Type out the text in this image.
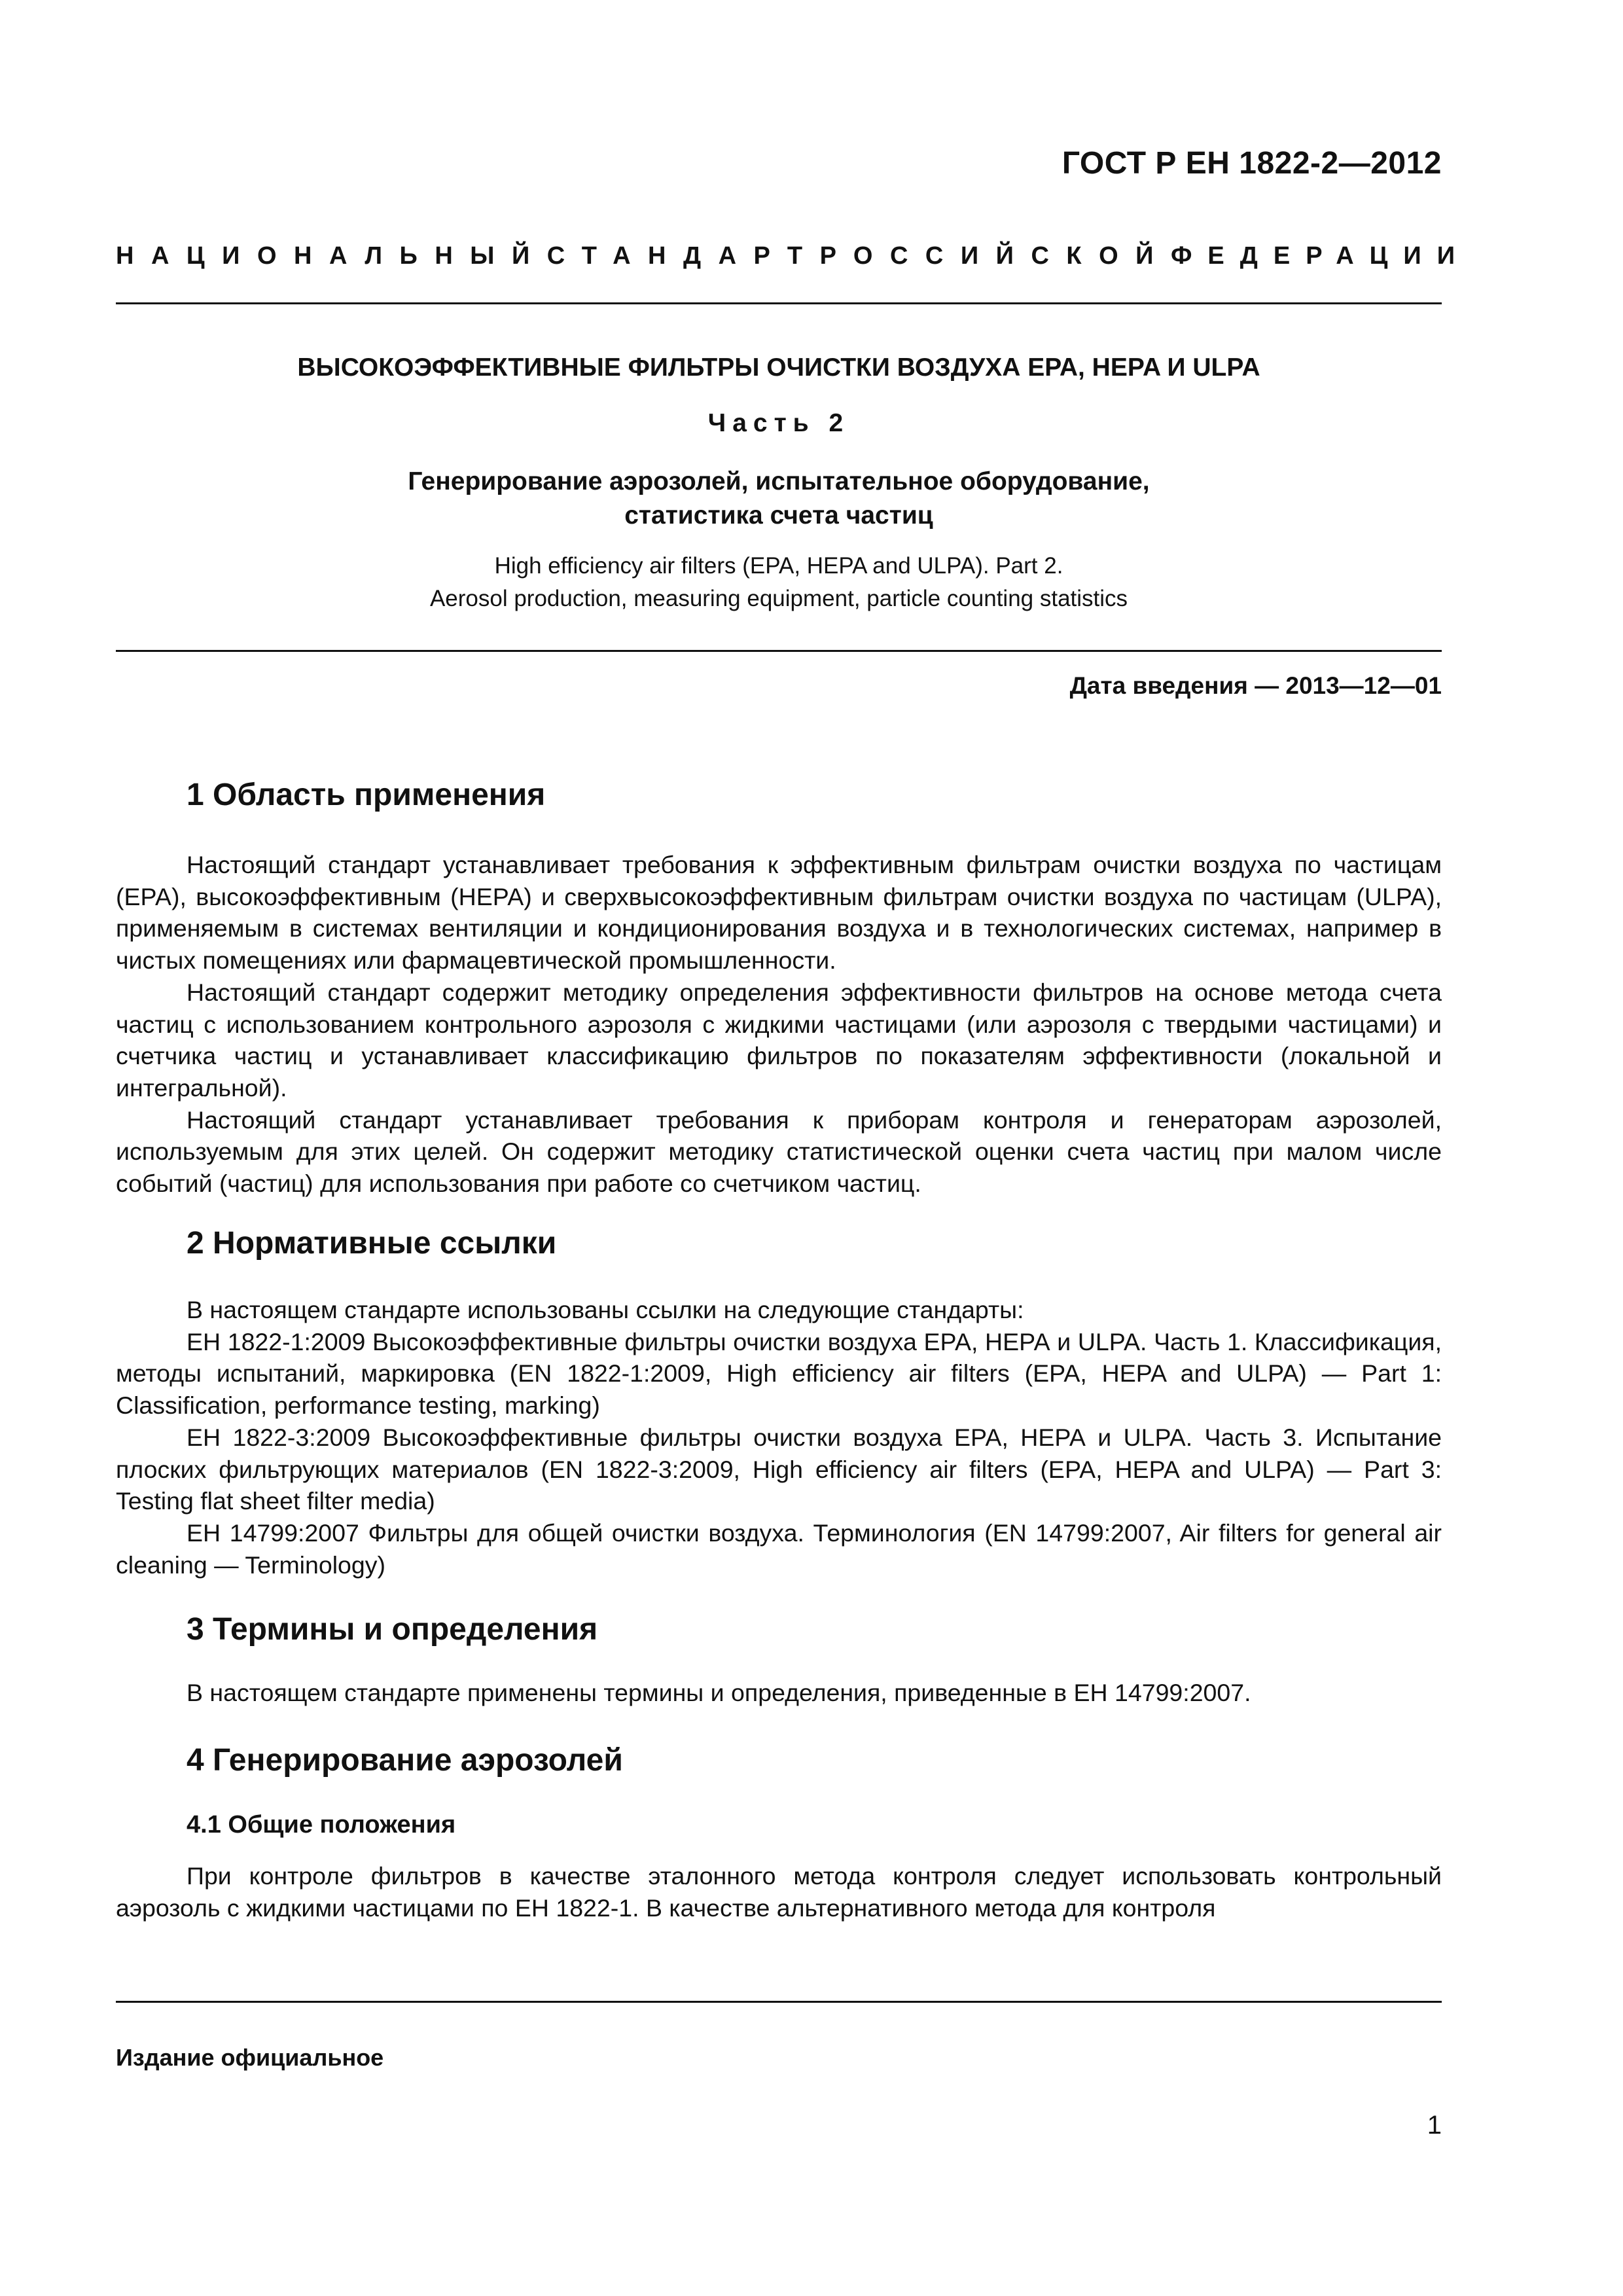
ГОСТ Р ЕН 1822-2—2012
НАЦИОНАЛЬНЫЙ СТАНДАРТ РОССИЙСКОЙ ФЕДЕРАЦИИ
ВЫСОКОЭФФЕКТИВНЫЕ ФИЛЬТРЫ ОЧИСТКИ ВОЗДУХА ЕРА, HEPA И ULPA
Часть 2
Генерирование аэрозолей, испытательное оборудование,
статистика счета частиц
High efficiency air filters (EPA, HEPA and ULPA). Part 2.
Aerosol production, measuring equipment, particle counting statistics
Дата введения — 2013—12—01
1 Область применения

Настоящий стандарт устанавливает требования к эффективным фильтрам очистки воздуха по частицам (ЕРА), высокоэффективным (НЕРА) и сверхвысокоэффективным фильтрам очистки воздуха по частицам (ULPA), применяемым в системах вентиляции и кондиционирования воздуха и в технологических системах, например в чистых помещениях или фармацевтической промышленности.

Настоящий стандарт содержит методику определения эффективности фильтров на основе метода счета частиц с использованием контрольного аэрозоля с жидкими частицами (или аэрозоля с твердыми частицами) и счетчика частиц и устанавливает классификацию фильтров по показателям эффективности (локальной и интегральной).

Настоящий стандарт устанавливает требования к приборам контроля и генераторам аэрозолей, используемым для этих целей. Он содержит методику статистической оценки счета частиц при малом числе событий (частиц) для использования при работе со счетчиком частиц.

2 Нормативные ссылки

В настоящем стандарте использованы ссылки на следующие стандарты:

ЕН 1822-1:2009 Высокоэффективные фильтры очистки воздуха ЕРА, НЕРА и ULPA. Часть 1. Классификация, методы испытаний, маркировка (EN 1822-1:2009, High efficiency air filters (EPA, HEPA and ULPA) — Part 1: Classification, performance testing, marking)

ЕН 1822-3:2009 Высокоэффективные фильтры очистки воздуха ЕРА, НЕРА и ULPA. Часть 3. Испытание плоских фильтрующих материалов (EN 1822-3:2009, High efficiency air filters (EPA, HEPA and ULPA) — Part 3: Testing flat sheet filter media)

ЕН 14799:2007 Фильтры для общей очистки воздуха. Терминология (EN 14799:2007, Air filters for general air cleaning — Terminology)

3 Термины и определения

В настоящем стандарте применены термины и определения, приведенные в ЕН 14799:2007.

4 Генерирование аэрозолей
4.1 Общие положения

При контроле фильтров в качестве эталонного метода контроля следует использовать контрольный аэрозоль с жидкими частицами по ЕН 1822-1. В качестве альтернативного метода для контроля

Издание официальное
1
